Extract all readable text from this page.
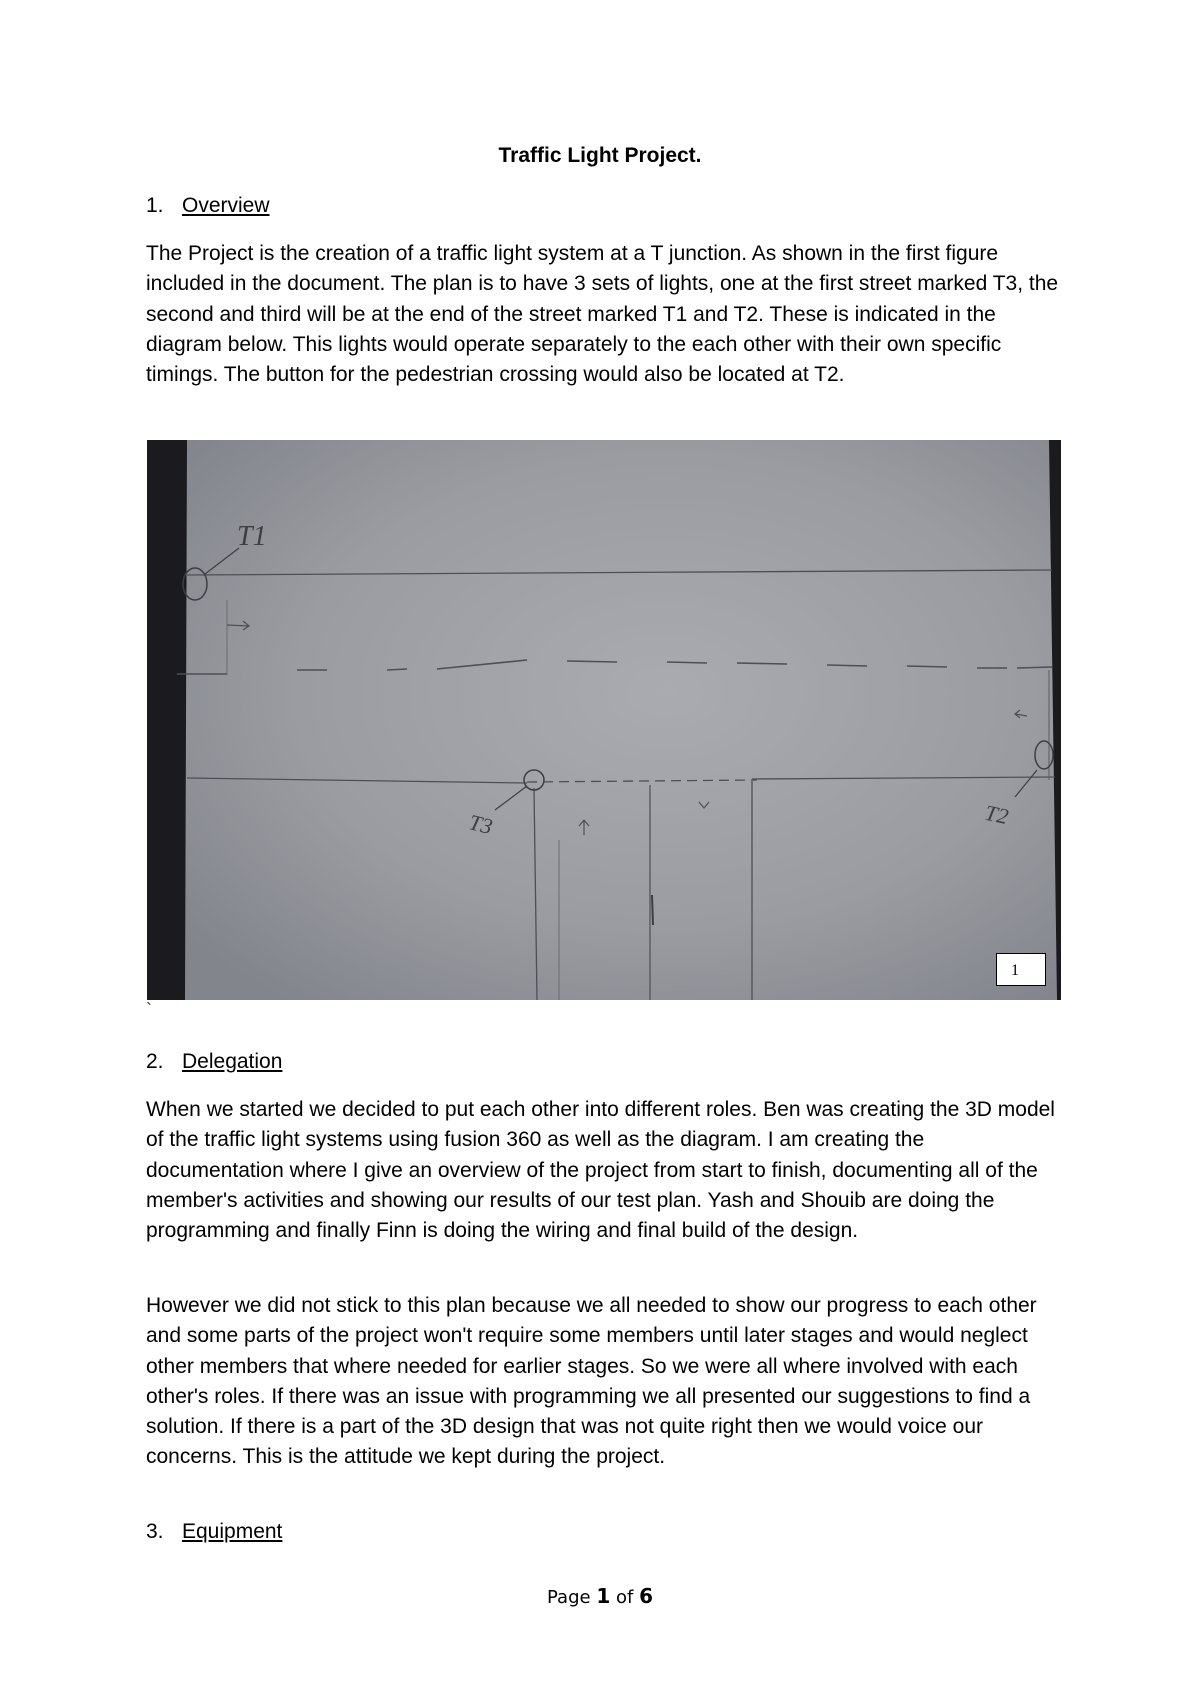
Traffic Light Project.
1. Overview

The Project is the creation of a traffic light system at a T junction. As shown in the first figure included in the document. The plan is to have 3 sets of lights, one at the first street marked T3, the second and third will be at the end of the street marked T1 and T2. These is indicated in the diagram below. This lights would operate separately to the each other with their own specific timings. The button for the pedestrian crossing would also be located at T2.

T1
T2
T3
1
`
2. Delegation

When we started we decided to put each other into different roles. Ben was creating the 3D model of the traffic light systems using fusion 360 as well as the diagram. I am creating the documentation where I give an overview of the project from start to finish, documenting all of the member's activities and showing our results of our test plan. Yash and Shouib are doing the programming and finally Finn is doing the wiring and final build of the design.

However we did not stick to this plan because we all needed to show our progress to each other and some parts of the project won't require some members until later stages and would neglect other members that where needed for earlier stages. So we were all where involved with each other's roles. If there was an issue with programming we all presented our suggestions to find a solution. If there is a part of the 3D design that was not quite right then we would voice our concerns. This is the attitude we kept during the project.

3. Equipment
Page 1 of 6
